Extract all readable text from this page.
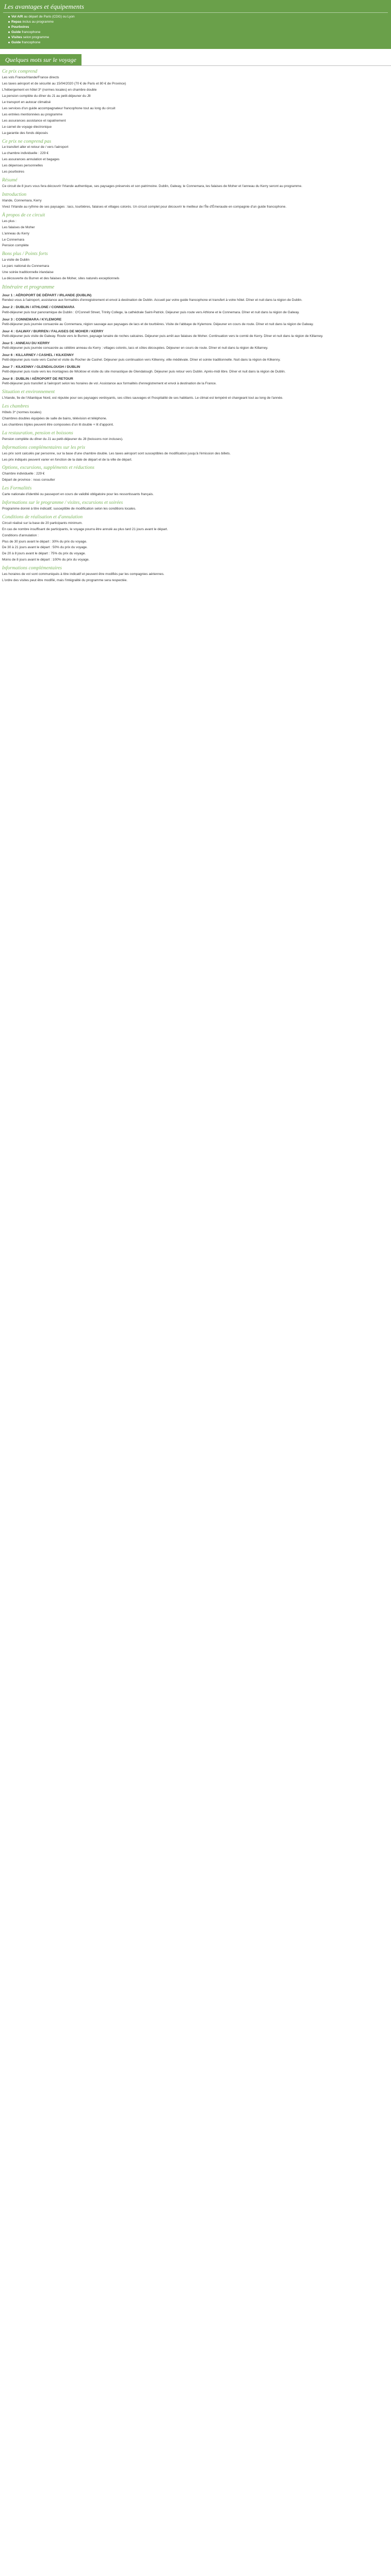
Les avantages et équipements
Vol A/R au départ de Paris (CDG) ou Lyon
Repas inclus au programme
Pourboires
Guide francophone
Visites selon programme
Guide francophone
Quelques mots sur le voyage
Ce prix comprend

Les vols France/Irlande/France directs

Les taxes aéroport et de sécurité au 15/04/2020 (70 € de Paris et 80 € de Province)

L'hébergement en hôtel 3* (normes locales) en chambre double

La pension complète du dîner du J1 au petit-déjeuner du J8

Le transport en autocar climatisé

Les services d'un guide accompagnateur francophone tout au long du circuit

Les entrées mentionnées au programme

Les assurances assistance et rapatriement

Le carnet de voyage électronique

La garantie des fonds déposés

Ce prix ne comprend pas

Le transfert aller et retour de / vers l'aéroport

La chambre individuelle : 229 €

Les assurances annulation et bagages

Les dépenses personnelles

Les pourboires

Résumé

Ce circuit de 8 jours vous fera découvrir l'Irlande authentique, ses paysages préservés et son patrimoine. Dublin, Galway, le Connemara, les falaises de Moher et l'anneau du Kerry seront au programme.

Introduction

Irlande, Connemara, Kerry

Vivez l'Irlande au rythme de ses paysages : lacs, tourbières, falaises et villages colorés. Un circuit complet pour découvrir le meilleur de l'Île d'Émeraude en compagnie d'un guide francophone.

À propos de ce circuit

Les plus :

Les falaises de Moher

L'anneau du Kerry

Le Connemara

Pension complète

Bons plus / Points forts

La visite de Dublin

Le parc national du Connemara

Une soirée traditionnelle irlandaise

La découverte du Burren et des falaises de Moher, sites naturels exceptionnels

Itinéraire et programme
Jour 1 : AÉROPORT DE DÉPART / IRLANDE (DUBLIN)

Rendez-vous à l'aéroport, assistance aux formalités d'enregistrement et envol à destination de Dublin. Accueil par votre guide francophone et transfert à votre hôtel. Dîner et nuit dans la région de Dublin.

Jour 2 : DUBLIN / ATHLONE / CONNEMARA

Petit-déjeuner puis tour panoramique de Dublin : O'Connell Street, Trinity College, la cathédrale Saint-Patrick. Déjeuner puis route vers Athlone et le Connemara. Dîner et nuit dans la région de Galway.

Jour 3 : CONNEMARA / KYLEMORE

Petit-déjeuner puis journée consacrée au Connemara, région sauvage aux paysages de lacs et de tourbières. Visite de l'abbaye de Kylemore. Déjeuner en cours de route. Dîner et nuit dans la région de Galway.

Jour 4 : GALWAY / BURREN / FALAISES DE MOHER / KERRY

Petit-déjeuner puis visite de Galway. Route vers le Burren, paysage lunaire de roches calcaires. Déjeuner puis arrêt aux falaises de Moher. Continuation vers le comté de Kerry. Dîner et nuit dans la région de Killarney.

Jour 5 : ANNEAU DU KERRY

Petit-déjeuner puis journée consacrée au célèbre anneau du Kerry : villages colorés, lacs et côtes découpées. Déjeuner en cours de route. Dîner et nuit dans la région de Killarney.

Jour 6 : KILLARNEY / CASHEL / KILKENNY

Petit-déjeuner puis route vers Cashel et visite du Rocher de Cashel. Déjeuner puis continuation vers Kilkenny, ville médiévale. Dîner et soirée traditionnelle. Nuit dans la région de Kilkenny.

Jour 7 : KILKENNY / GLENDALOUGH / DUBLIN

Petit-déjeuner puis route vers les montagnes de Wicklow et visite du site monastique de Glendalough. Déjeuner puis retour vers Dublin. Après-midi libre. Dîner et nuit dans la région de Dublin.

Jour 8 : DUBLIN / AÉROPORT DE RETOUR

Petit-déjeuner puis transfert à l'aéroport selon les horaires de vol. Assistance aux formalités d'enregistrement et envol à destination de la France.

Situation et environnement

L'Irlande, île de l'Atlantique Nord, est réputée pour ses paysages verdoyants, ses côtes sauvages et l'hospitalité de ses habitants. Le climat est tempéré et changeant tout au long de l'année.

Les chambres

Hôtels 3* (normes locales)

Chambres doubles équipées de salle de bains, télévision et téléphone.

Les chambres triples peuvent être composées d'un lit double + lit d'appoint.

La restauration, pension et boissons

Pension complète du dîner du J1 au petit-déjeuner du J8 (boissons non incluses).

Informations complémentaires sur les prix

Les prix sont calculés par personne, sur la base d'une chambre double. Les taxes aéroport sont susceptibles de modification jusqu'à l'émission des billets.

Les prix indiqués peuvent varier en fonction de la date de départ et de la ville de départ.

Options, excursions, suppléments et réductions

Chambre individuelle : 229 €

Départ de province : nous consulter

Les Formalités

Carte nationale d'identité ou passeport en cours de validité obligatoire pour les ressortissants français.

Informations sur le programme / visites, excursions et soirées

Programme donné à titre indicatif, susceptible de modification selon les conditions locales.

Conditions de réalisation et d'annulation

Circuit réalisé sur la base de 20 participants minimum.

En cas de nombre insuffisant de participants, le voyage pourra être annulé au plus tard 21 jours avant le départ.

Conditions d'annulation :

Plus de 30 jours avant le départ : 30% du prix du voyage.

De 30 à 21 jours avant le départ : 50% du prix du voyage.

De 20 à 8 jours avant le départ : 75% du prix du voyage.

Moins de 8 jours avant le départ : 100% du prix du voyage.

Informations complémentaires

Les horaires de vol sont communiqués à titre indicatif et peuvent être modifiés par les compagnies aériennes.

L'ordre des visites peut être modifié, mais l'intégralité du programme sera respectée.
